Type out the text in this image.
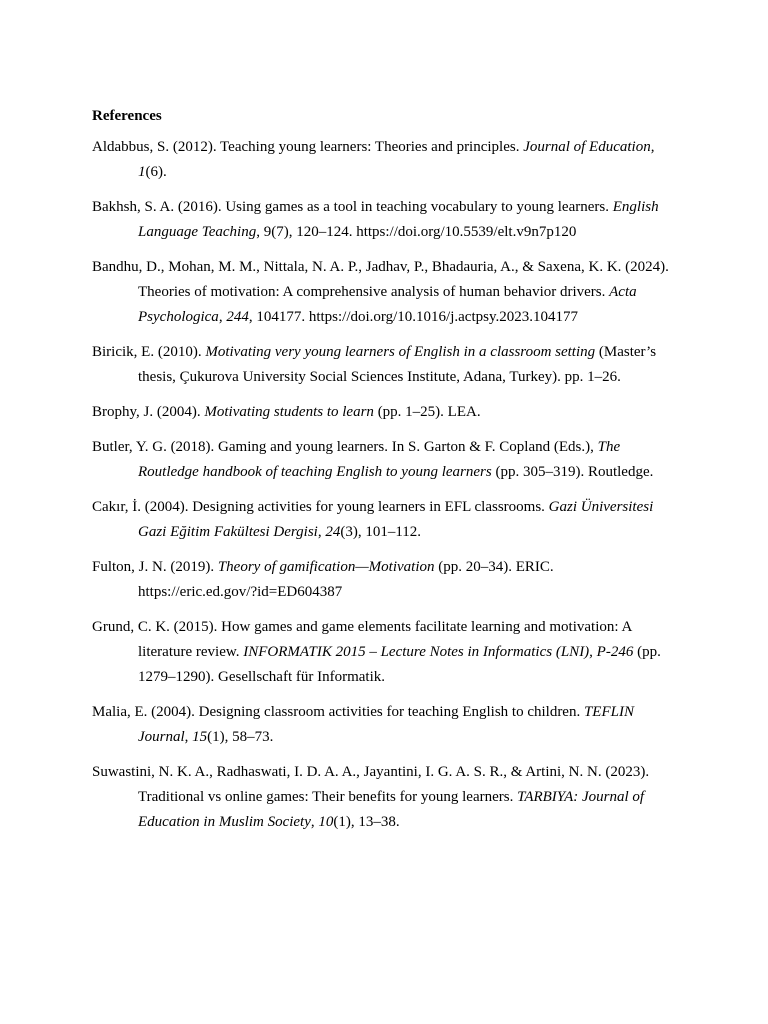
References
Aldabbus, S. (2012). Teaching young learners: Theories and principles. Journal of Education, 1(6).
Bakhsh, S. A. (2016). Using games as a tool in teaching vocabulary to young learners. English Language Teaching, 9(7), 120–124. https://doi.org/10.5539/elt.v9n7p120
Bandhu, D., Mohan, M. M., Nittala, N. A. P., Jadhav, P., Bhadauria, A., & Saxena, K. K. (2024). Theories of motivation: A comprehensive analysis of human behavior drivers. Acta Psychologica, 244, 104177. https://doi.org/10.1016/j.actpsy.2023.104177
Biricik, E. (2010). Motivating very young learners of English in a classroom setting (Master’s thesis, Çukurova University Social Sciences Institute, Adana, Turkey). pp. 1–26.
Brophy, J. (2004). Motivating students to learn (pp. 1–25). LEA.
Butler, Y. G. (2018). Gaming and young learners. In S. Garton & F. Copland (Eds.), The Routledge handbook of teaching English to young learners (pp. 305–319). Routledge.
Cakır, İ. (2004). Designing activities for young learners in EFL classrooms. Gazi Üniversitesi Gazi Eğitim Fakültesi Dergisi, 24(3), 101–112.
Fulton, J. N. (2019). Theory of gamification—Motivation (pp. 20–34). ERIC. https://eric.ed.gov/?id=ED604387
Grund, C. K. (2015). How games and game elements facilitate learning and motivation: A literature review. INFORMATIK 2015 – Lecture Notes in Informatics (LNI), P-246 (pp. 1279–1290). Gesellschaft für Informatik.
Malia, E. (2004). Designing classroom activities for teaching English to children. TEFLIN Journal, 15(1), 58–73.
Suwastini, N. K. A., Radhaswati, I. D. A. A., Jayantini, I. G. A. S. R., & Artini, N. N. (2023). Traditional vs online games: Their benefits for young learners. TARBIYA: Journal of Education in Muslim Society, 10(1), 13–38.
